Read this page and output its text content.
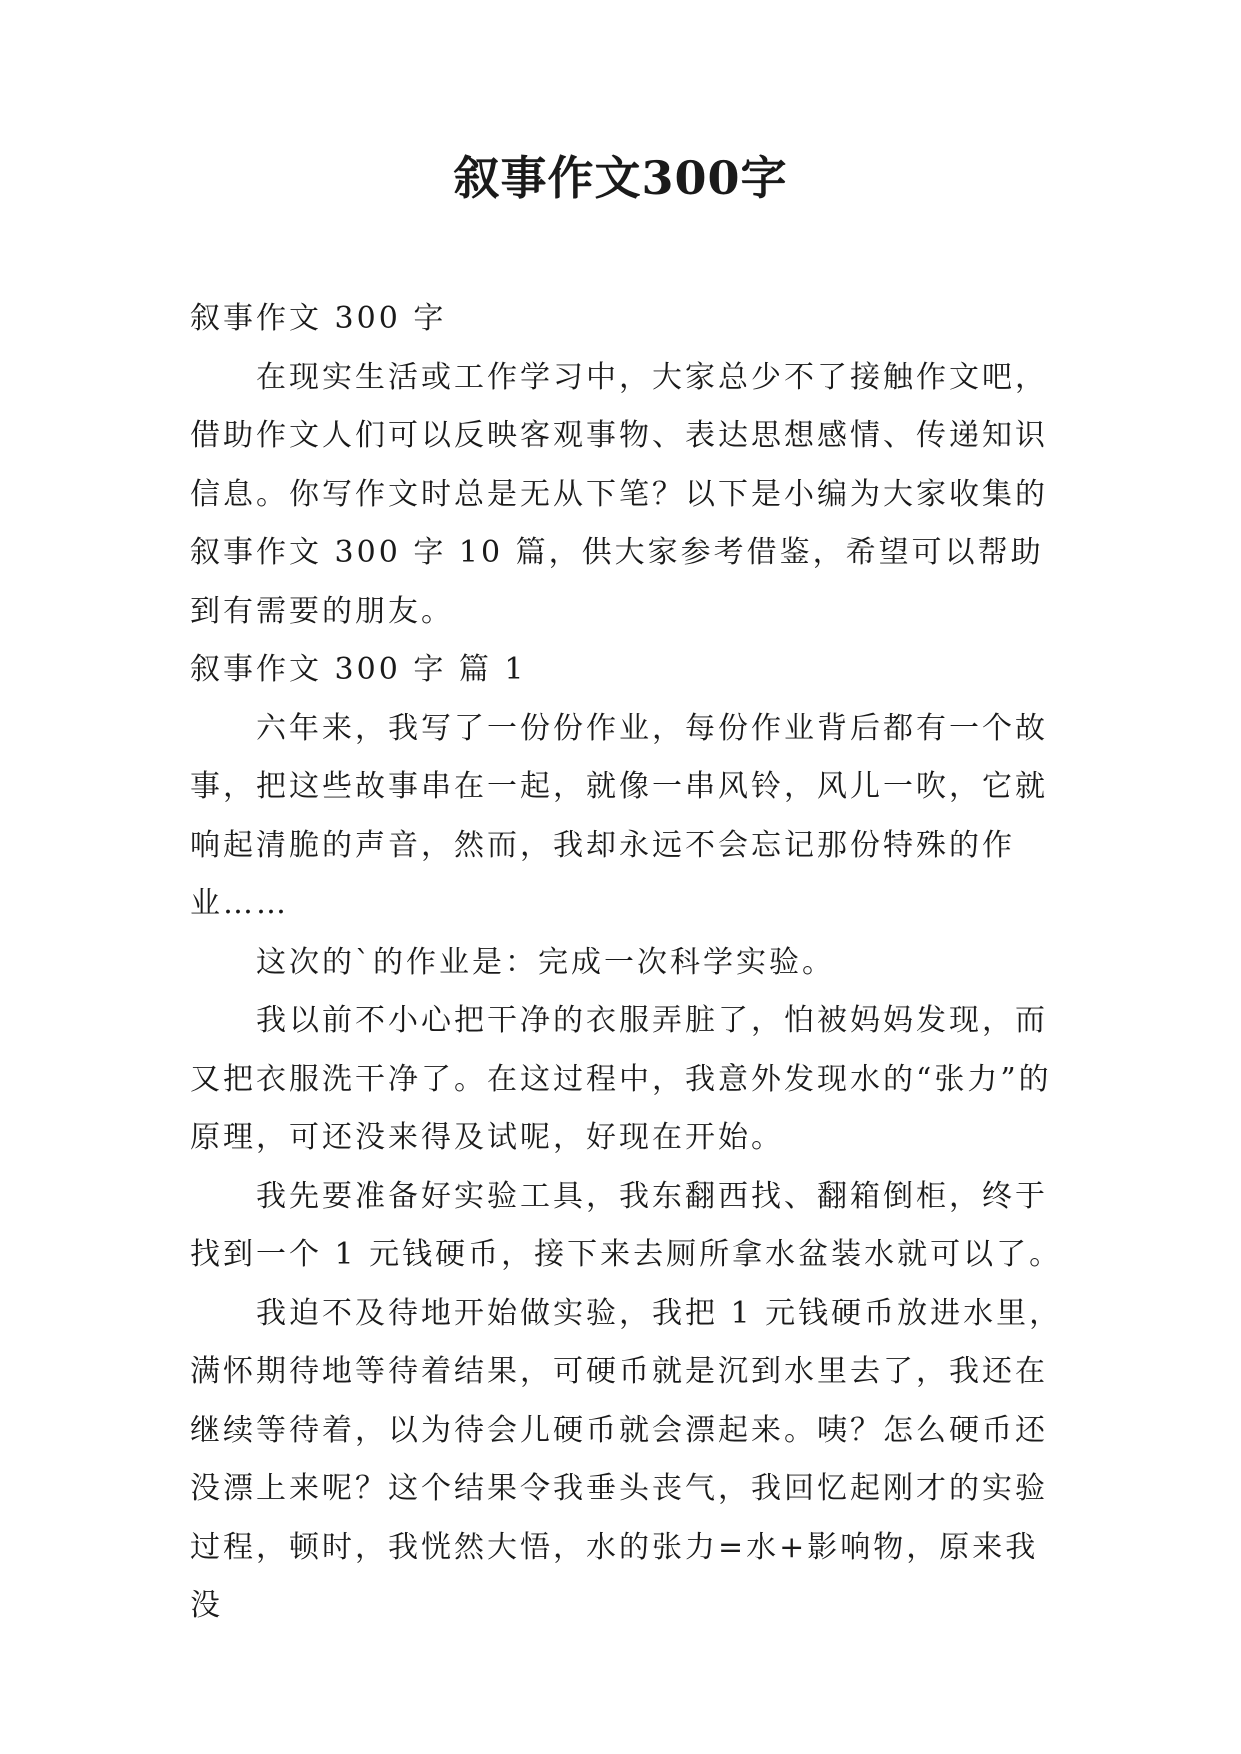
叙事作文300字

叙事作文 300 字

在现实生活或工作学习中，大家总少不了接触作文吧，借助作文人们可以反映客观事物、表达思想感情、传递知识信息。你写作文时总是无从下笔？以下是小编为大家收集的叙事作文 300 字 10 篇，供大家参考借鉴，希望可以帮助到有需要的朋友。

叙事作文 300 字 篇 1

六年来，我写了一份份作业，每份作业背后都有一个故事，把这些故事串在一起，就像一串风铃，风儿一吹，它就响起清脆的声音，然而，我却永远不会忘记那份特殊的作业……

这次的`的作业是：完成一次科学实验。

我以前不小心把干净的衣服弄脏了，怕被妈妈发现，而又把衣服洗干净了。在这过程中，我意外发现水的“张力”的原理，可还没来得及试呢，好现在开始。

我先要准备好实验工具，我东翻西找、翻箱倒柜，终于找到一个 1 元钱硬币，接下来去厕所拿水盆装水就可以了。

我迫不及待地开始做实验，我把 1 元钱硬币放进水里，满怀期待地等待着结果，可硬币就是沉到水里去了，我还在继续等待着，以为待会儿硬币就会漂起来。咦？怎么硬币还没漂上来呢？这个结果令我垂头丧气，我回忆起刚才的实验过程，顿时，我恍然大悟，水的张力=水+影响物，原来我没
